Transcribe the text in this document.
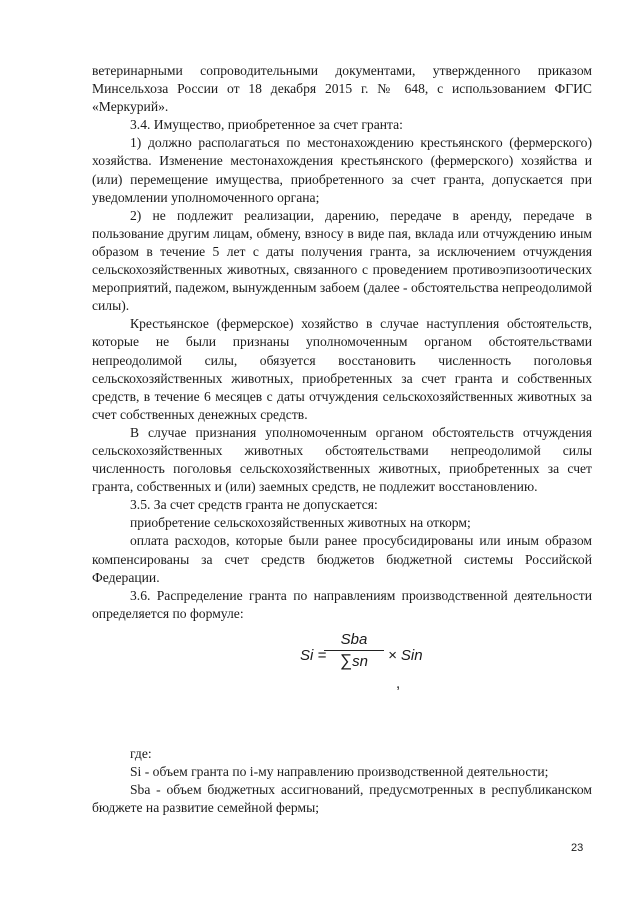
ветеринарными сопроводительными документами, утвержденного приказом Минсельхоза России от 18 декабря 2015 г. № 648, с использованием ФГИС «Меркурий».

3.4. Имущество, приобретенное за счет гранта:

1) должно располагаться по местонахождению крестьянского (фермерского) хозяйства. Изменение местонахождения крестьянского (фермерского) хозяйства и (или) перемещение имущества, приобретенного за счет гранта, допускается при уведомлении уполномоченного органа;

2) не подлежит реализации, дарению, передаче в аренду, передаче в пользование другим лицам, обмену, взносу в виде пая, вклада или отчуждению иным образом в течение 5 лет с даты получения гранта, за исключением отчуждения сельскохозяйственных животных, связанного с проведением противоэпизоотических мероприятий, падежом, вынужденным забоем (далее - обстоятельства непреодолимой силы).

Крестьянское (фермерское) хозяйство в случае наступления обстоятельств, которые не были признаны уполномоченным органом обстоятельствами непреодолимой силы, обязуется восстановить численность поголовья сельскохозяйственных животных, приобретенных за счет гранта и собственных средств, в течение 6 месяцев с даты отчуждения сельскохозяйственных животных за счет собственных денежных средств.

В случае признания уполномоченным органом обстоятельств отчуждения сельскохозяйственных животных обстоятельствами непреодолимой силы численность поголовья сельскохозяйственных животных, приобретенных за счет гранта, собственных и (или) заемных средств, не подлежит восстановлению.

3.5. За счет средств гранта не допускается:

приобретение сельскохозяйственных животных на откорм;

оплата расходов, которые были ранее просубсидированы или иным образом компенсированы за счет средств бюджетов бюджетной системы Российской Федерации.

3.6. Распределение гранта по направлениям производственной деятельности определяется по формуле:

Si =
Sba
∑sn	× Sin
,

где:

Si - объем гранта по i-му направлению производственной деятельности;

Sba - объем бюджетных ассигнований, предусмотренных в республиканском бюджете на развитие семейной фермы;

23
